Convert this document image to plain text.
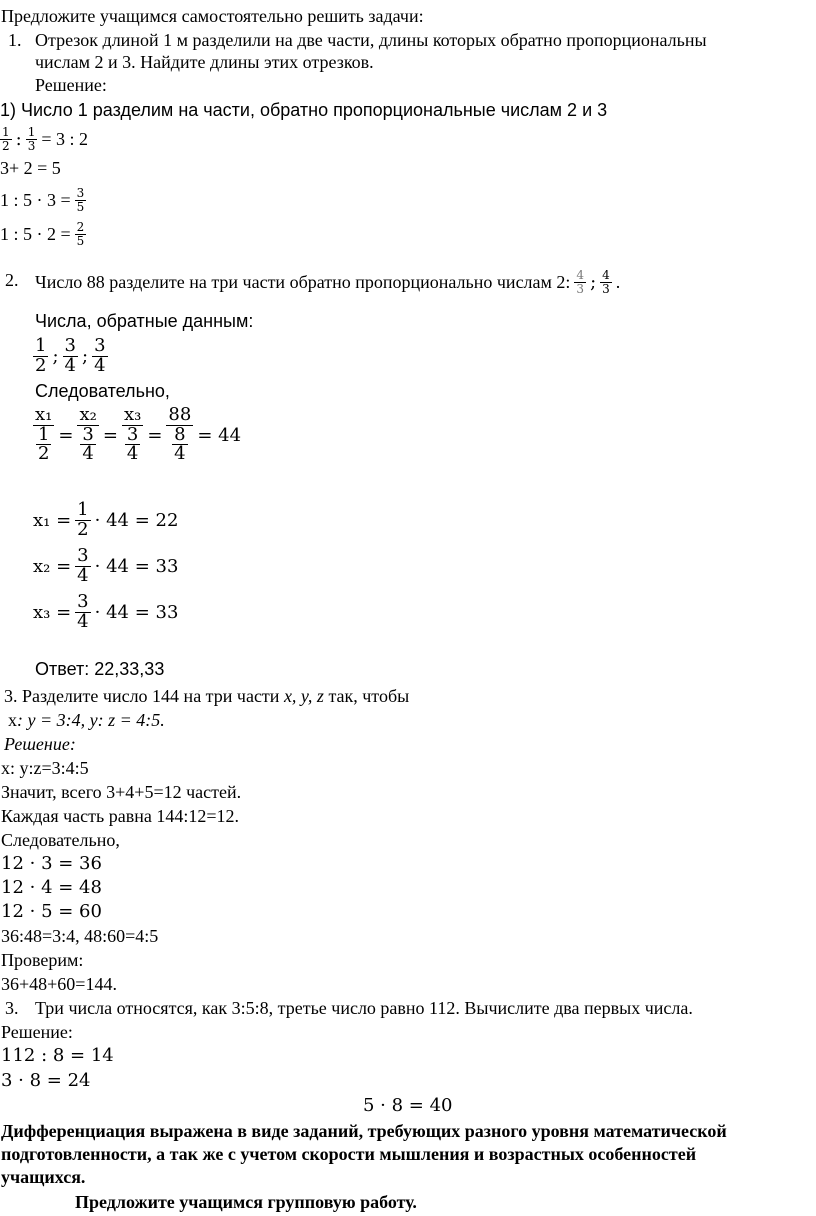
Предложите учащимся самостоятельно решить задачи:
1. Отрезок длиной 1 м разделили на две части, длины которых обратно пропорциональны
числам 2 и 3. Найдите длины этих отрезков.
Решение:
1) Число 1 разделим на части, обратно пропорциональные числам 2 и 3
$\frac{1}{2}$ : $\frac{1}{3} = 3$ : 2
3+ 2 = 5
1 : $5 \cdot 3 = \frac{3}{5}$
1 : $5 \cdot 2 = \frac{2}{5}$
2. Число 88 разделите на три части обратно пропорционально числам 2: $\frac{4}{3}$ ; $\frac{4}{3}$ .
Числа, обратные данным:
$\frac{1}{2}$ ; $\frac{3}{4}$ ; $\frac{3}{4}$
Следовательно,
$\frac{\text{x₁}}{\frac{1}{2}} = \frac{\text{x₂}}{\frac{3}{4}} = \frac{\text{x₃}}{\frac{3}{4}} = \frac{88}{\frac{8}{4}} = 44$
$x_1 = \frac{1}{2} \cdot 44 = 22$
$x_2 = \frac{3}{4} \cdot 44 = 33$
$x_3 = \frac{3}{4} \cdot 44 = 33$
Ответ: 22,33,33
3. Разделите число 144 на три части x, y, z так, чтобы
x: y = 3:4, y: z = 4:5.
Решение:
x: y:z=3:4:5
Значит, всего 3+4+5=12 частей.
Каждая часть равна 144:12=12.
Следовательно,
12 · 3 = 36
12 · 4 = 48
12 · 5 = 60
36:48=3:4, 48:60=4:5
Проверим:
36+48+60=144.
3. Три числа относятся, как 3:5:8, третье число равно 112. Вычислите два первых числа.
Решение:
112 : 8 = 14
3 · 8 = 24
5 · 8 = 40
Дифференциация выражена в виде заданий, требующих разного уровня математической
подготовленности, а так же с учетом скорости мышления и возрастных особенностей
учащихся.
Предложите учащимся групповую работу.
